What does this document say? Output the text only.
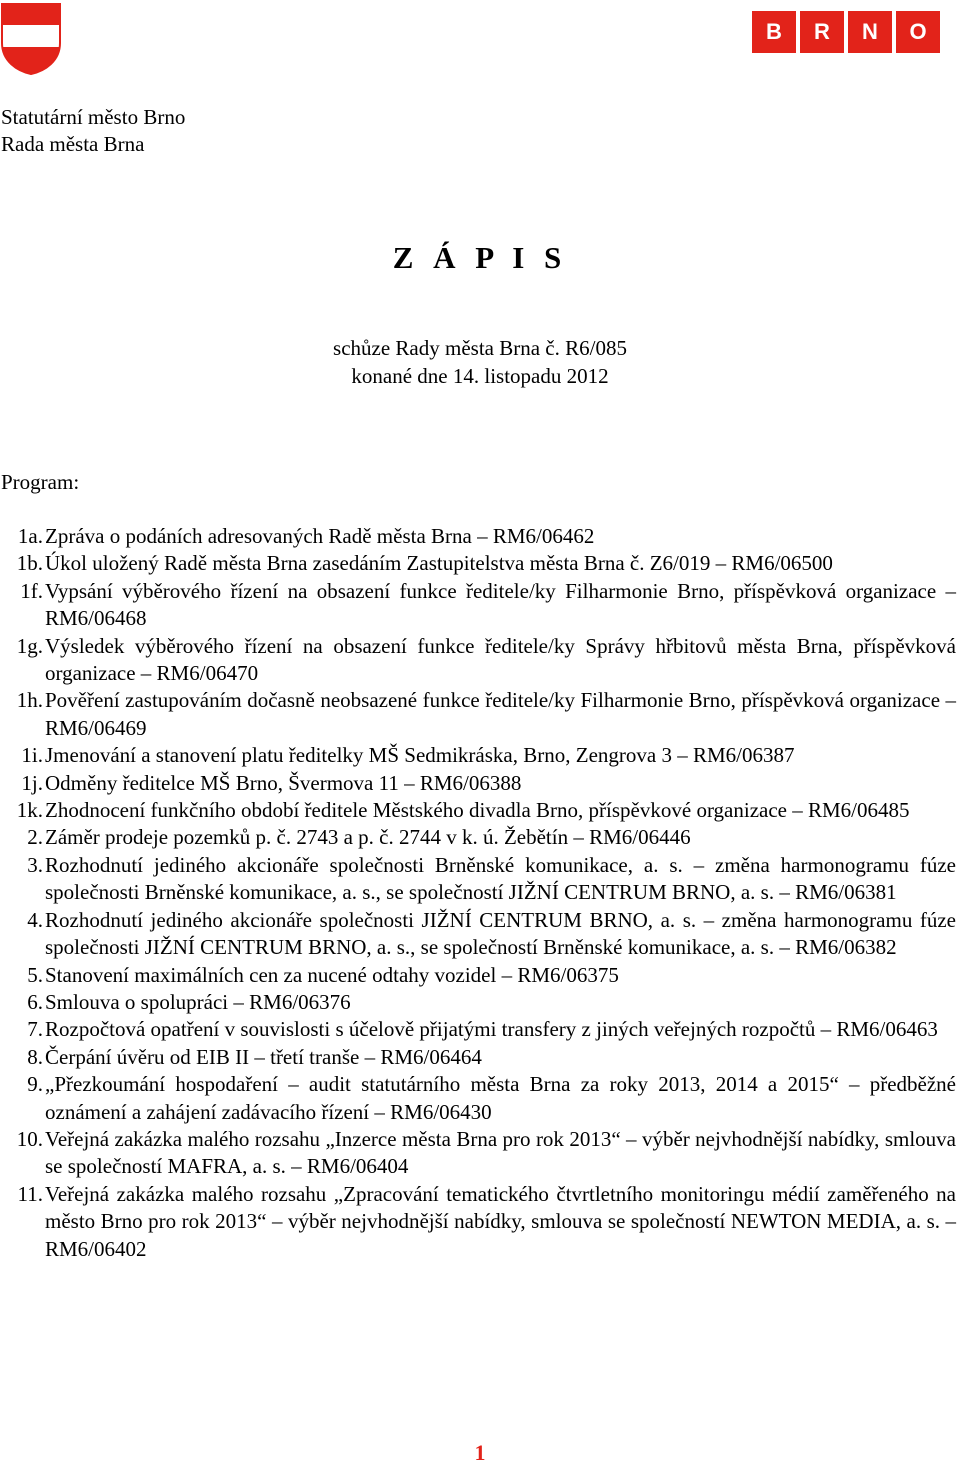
B	R	N	O
Statutární město Brno
Rada města Brna
Z Á P I S
schůze Rady města Brna č. R6/085
konané dne 14. listopadu 2012
Program:
1a. Zpráva o podáních adresovaných Radě města Brna – RM6/06462
1b. Úkol uložený Radě města Brna zasedáním Zastupitelstva města Brna č. Z6/019 – RM6/06500
1f. Vypsání výběrového řízení na obsazení funkce ředitele/ky Filharmonie Brno, příspěvková organizace – RM6/06468
1g. Výsledek výběrového řízení na obsazení funkce ředitele/ky Správy hřbitovů města Brna, příspěvková organizace – RM6/06470
1h. Pověření zastupováním dočasně neobsazené funkce ředitele/ky Filharmonie Brno, příspěvková organizace – RM6/06469
1i. Jmenování a stanovení platu ředitelky MŠ Sedmikráska, Brno, Zengrova 3 – RM6/06387
1j. Odměny ředitelce MŠ Brno, Švermova 11 – RM6/06388
1k. Zhodnocení funkčního období ředitele Městského divadla Brno, příspěvkové organizace – RM6/06485
2. Záměr prodeje pozemků p. č. 2743 a p. č. 2744 v k. ú. Žebětín – RM6/06446
3. Rozhodnutí jediného akcionáře společnosti Brněnské komunikace, a. s. – změna harmonogramu fúze společnosti Brněnské komunikace, a. s., se společností JIŽNÍ CENTRUM BRNO, a. s. – RM6/06381
4. Rozhodnutí jediného akcionáře společnosti JIŽNÍ CENTRUM BRNO, a. s. – změna harmonogramu fúze společnosti JIŽNÍ CENTRUM BRNO, a. s., se společností Brněnské komunikace, a. s. – RM6/06382
5. Stanovení maximálních cen za nucené odtahy vozidel – RM6/06375
6. Smlouva o spolupráci – RM6/06376
7. Rozpočtová opatření v souvislosti s účelově přijatými transfery z jiných veřejných rozpočtů – RM6/06463
8. Čerpání úvěru od EIB II – třetí tranše – RM6/06464
9. „Přezkoumání hospodaření – audit statutárního města Brna za roky 2013, 2014 a 2015“ – předběžné oznámení a zahájení zadávacího řízení – RM6/06430
10. Veřejná zakázka malého rozsahu „Inzerce města Brna pro rok 2013“ – výběr nejvhodnější nabídky, smlouva se společností MAFRA, a. s. – RM6/06404
11. Veřejná zakázka malého rozsahu „Zpracování tematického čtvrtletního monitoringu médií zaměřeného na město Brno pro rok 2013“ – výběr nejvhodnější nabídky, smlouva se společností NEWTON MEDIA, a. s. – RM6/06402
1
